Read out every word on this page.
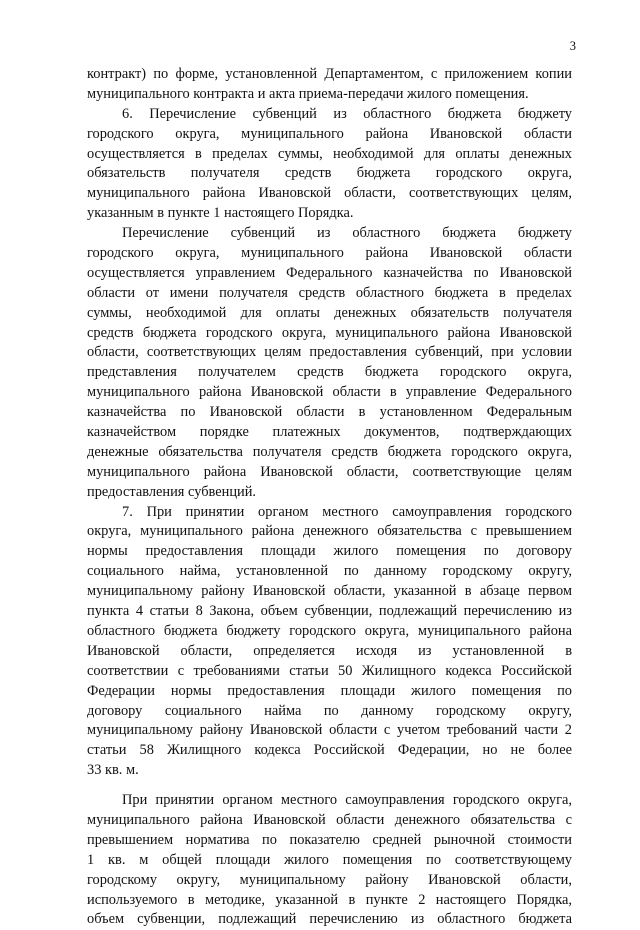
3
контракт) по форме, установленной Департаментом, с приложением копии
муниципального контракта и акта приема-передачи жилого помещения.
6. Перечисление субвенций из областного бюджета бюджету
городского округа, муниципального района Ивановской области
осуществляется в пределах суммы, необходимой для оплаты денежных
обязательств получателя средств бюджета городского округа,
муниципального района Ивановской области, соответствующих целям,
указанным в пункте 1 настоящего Порядка.
Перечисление субвенций из областного бюджета бюджету
городского округа, муниципального района Ивановской области
осуществляется управлением Федерального казначейства по Ивановской
области от имени получателя средств областного бюджета в пределах
суммы, необходимой для оплаты денежных обязательств получателя
средств бюджета городского округа, муниципального района Ивановской
области, соответствующих целям предоставления субвенций, при условии
представления получателем средств бюджета городского округа,
муниципального района Ивановской области в управление Федерального
казначейства по Ивановской области в установленном Федеральным
казначейством порядке платежных документов, подтверждающих
денежные обязательства получателя средств бюджета городского округа,
муниципального района Ивановской области, соответствующие целям
предоставления субвенций.
7. При принятии органом местного самоуправления городского
округа, муниципального района денежного обязательства с превышением
нормы предоставления площади жилого помещения по договору
социального найма, установленной по данному городскому округу,
муниципальному району Ивановской области, указанной в абзаце первом
пункта 4 статьи 8 Закона, объем субвенции, подлежащий перечислению из
областного бюджета бюджету городского округа, муниципального района
Ивановской области, определяется исходя из установленной в
соответствии с требованиями статьи 50 Жилищного кодекса Российской
Федерации нормы предоставления площади жилого помещения по
договору социального найма по данному городскому округу,
муниципальному району Ивановской области с учетом требований части 2
статьи 58 Жилищного кодекса Российской Федерации, но не более
33 кв. м.
При принятии органом местного самоуправления городского округа,
муниципального района Ивановской области денежного обязательства с
превышением норматива по показателю средней рыночной стоимости
1 кв. м общей площади жилого помещения по соответствующему
городскому округу, муниципальному району Ивановской области,
используемого в методике, указанной в пункте 2 настоящего Порядка,
объем субвенции, подлежащий перечислению из областного бюджета
